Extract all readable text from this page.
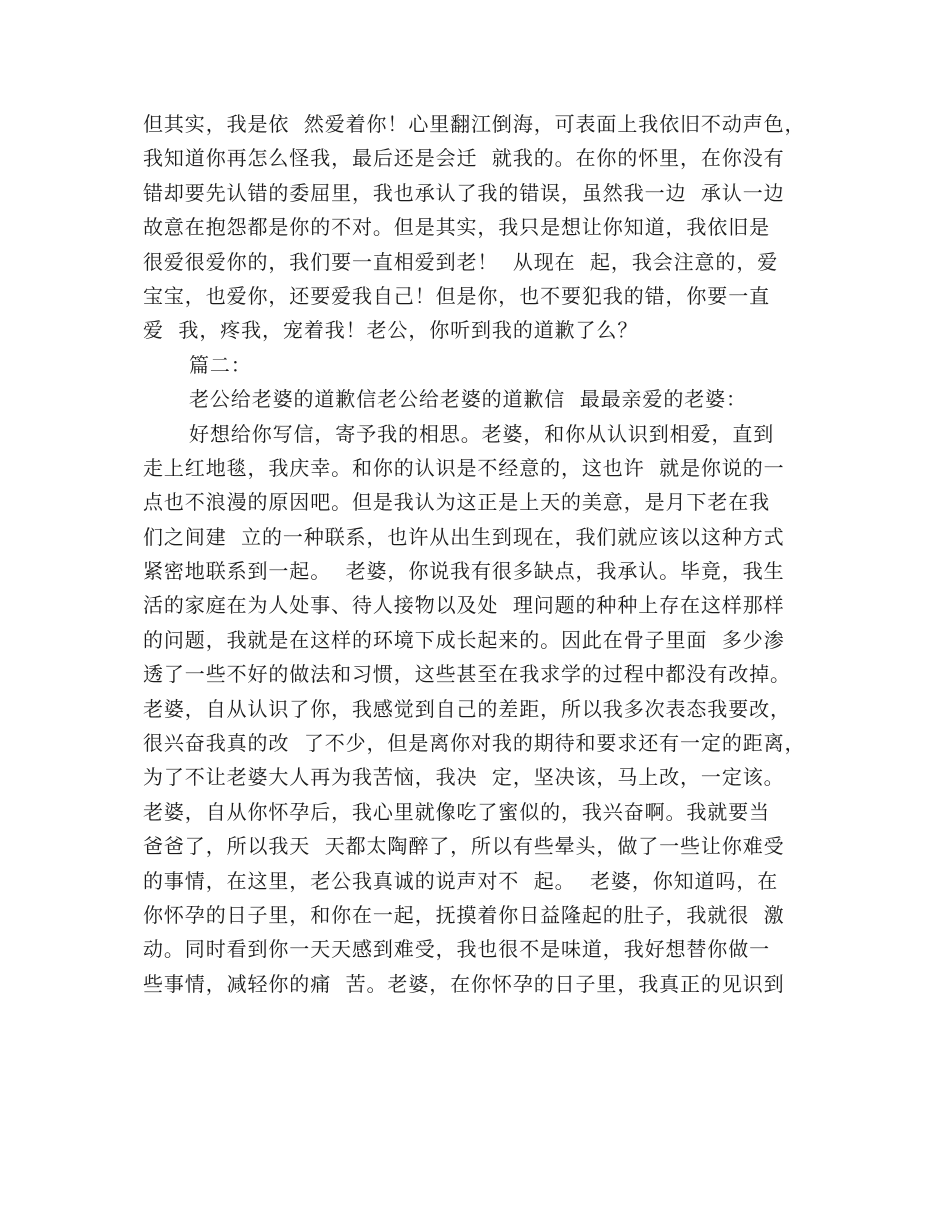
但其实，我是依  然爱着你！心里翻江倒海，可表面上我依旧不动声色，
我知道你再怎么怪我，最后还是会迁  就我的。在你的怀里，在你没有
错却要先认错的委屈里，我也承认了我的错误，虽然我一边  承认一边
故意在抱怨都是你的不对。但是其实，我只是想让你知道，我依旧是
很爱很爱你的，我们要一直相爱到老！  从现在  起，我会注意的，爱
宝宝，也爱你，还要爱我自己！但是你，也不要犯我的错，你要一直
爱  我，疼我，宠着我！老公，你听到我的道歉了么？
篇二：
老公给老婆的道歉信老公给老婆的道歉信  最最亲爱的老婆：
好想给你写信，寄予我的相思。老婆，和你从认识到相爱，直到
走上红地毯，我庆幸。和你的认识是不经意的，这也许  就是你说的一
点也不浪漫的原因吧。但是我认为这正是上天的美意，是月下老在我
们之间建  立的一种联系，也许从出生到现在，我们就应该以这种方式
紧密地联系到一起。  老婆，你说我有很多缺点，我承认。毕竟，我生
活的家庭在为人处事、待人接物以及处  理问题的种种上存在这样那样
的问题，我就是在这样的环境下成长起来的。因此在骨子里面  多少渗
透了一些不好的做法和习惯，这些甚至在我求学的过程中都没有改掉。
老婆，自从认识了你，我感觉到自己的差距，所以我多次表态我要改，
很兴奋我真的改  了不少，但是离你对我的期待和要求还有一定的距离，
为了不让老婆大人再为我苦恼，我决  定，坚决该，马上改，一定该。
老婆，自从你怀孕后，我心里就像吃了蜜似的，我兴奋啊。我就要当
爸爸了，所以我天  天都太陶醉了，所以有些晕头，做了一些让你难受
的事情，在这里，老公我真诚的说声对不  起。  老婆，你知道吗，在
你怀孕的日子里，和你在一起，抚摸着你日益隆起的肚子，我就很  激
动。同时看到你一天天感到难受，我也很不是味道，我好想替你做一
些事情，减轻你的痛  苦。老婆，在你怀孕的日子里，我真正的见识到
